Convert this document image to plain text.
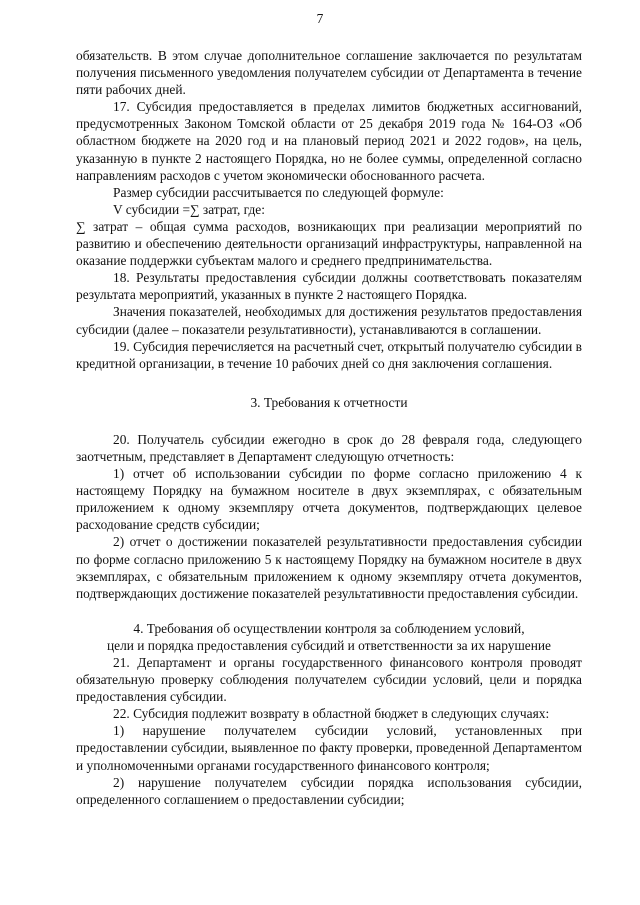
7

обязательств. В этом случае дополнительное соглашение заключается по результатам получения письменного уведомления получателем субсидии от Департамента в течение пяти рабочих дней.

17. Субсидия предоставляется в пределах лимитов бюджетных ассигнований, предусмотренных Законом Томской области от 25 декабря 2019 года № 164-ОЗ «Об областном бюджете на 2020 год и на плановый период 2021 и 2022 годов», на цель, указанную в пункте 2 настоящего Порядка, но не более суммы, определенной согласно направлениям расходов с учетом экономически обоснованного расчета.

Размер субсидии рассчитывается по следующей формуле:

V субсидии =∑ затрат, где:

∑ затрат – общая сумма расходов, возникающих при реализации мероприятий по развитию и обеспечению деятельности организаций инфраструктуры, направленной на оказание поддержки субъектам малого и среднего предпринимательства.

18. Результаты предоставления субсидии должны соответствовать показателям результата мероприятий, указанных в пункте 2 настоящего Порядка.

Значения показателей, необходимых для достижения результатов предоставления субсидии (далее – показатели результативности), устанавливаются в соглашении.

19. Субсидия перечисляется на расчетный счет, открытый получателю субсидии в кредитной организации, в течение 10 рабочих дней со дня заключения соглашения.

3. Требования к отчетности

20. Получатель субсидии ежегодно в срок до 28 февраля года, следующего заотчетным, представляет в Департамент следующую отчетность:

1) отчет об использовании субсидии по форме согласно приложению 4 к настоящему Порядку на бумажном носителе в двух экземплярах, с обязательным приложением к одному экземпляру отчета документов, подтверждающих целевое расходование средств субсидии;

2) отчет о достижении показателей результативности предоставления субсидии по форме согласно приложению 5 к настоящему Порядку на бумажном носителе в двух экземплярах, с обязательным приложением к одному экземпляру отчета документов, подтверждающих достижение показателей результативности предоставления субсидии.

4. Требования об осуществлении контроля за соблюдением условий,

цели и порядка предоставления субсидий и ответственности за их нарушение

21. Департамент и органы государственного финансового контроля проводят обязательную проверку соблюдения получателем субсидии условий, цели и порядка предоставления субсидии.

22. Субсидия подлежит возврату в областной бюджет в следующих случаях:

1) нарушение получателем субсидии условий, установленных при предоставлении субсидии, выявленное по факту проверки, проведенной Департаментом и уполномоченными органами государственного финансового контроля;

2) нарушение получателем субсидии порядка использования субсидии, определенного соглашением о предоставлении субсидии;
